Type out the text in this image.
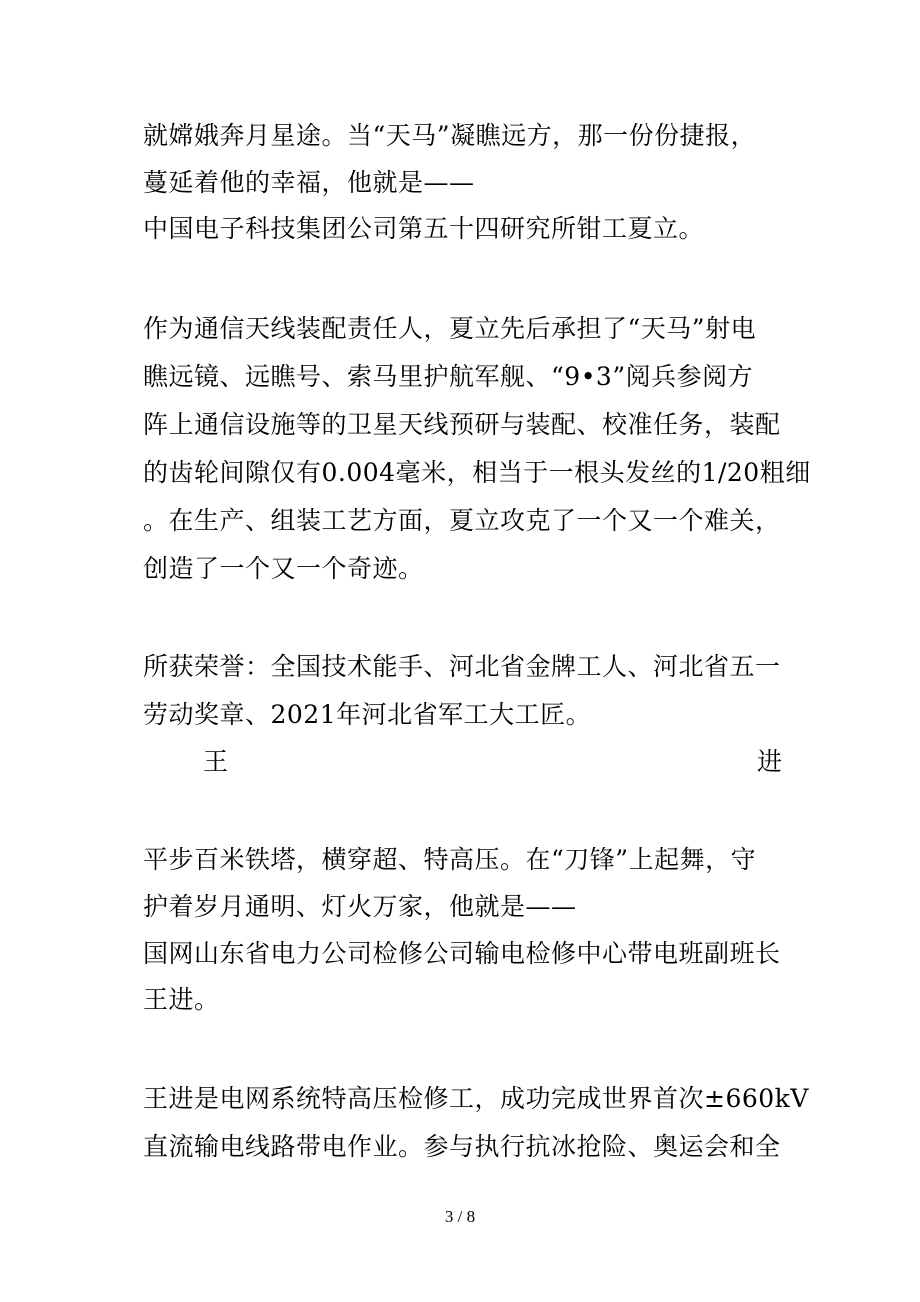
就嫦娥奔月星途。当“天马”凝瞧远方，那一份份捷报，
蔓延着他的幸福，他就是——
中国电子科技集团公司第五十四研究所钳工夏立。
作为通信天线装配责任人，夏立先后承担了“天马”射电
瞧远镜、远瞧号、索马里护航军舰、“9•3”阅兵参阅方
阵上通信设施等的卫星天线预研与装配、校准任务，装配
的齿轮间隙仅有0.004毫米，相当于一根头发丝的1/20粗细
。在生产、组装工艺方面，夏立攻克了一个又一个难关，
创造了一个又一个奇迹。
所获荣誉：全国技术能手、河北省金牌工人、河北省五一
劳动奖章、2021年河北省军工大工匠。
王	进
平步百米铁塔，横穿超、特高压。在“刀锋”上起舞，守
护着岁月通明、灯火万家，他就是——
国网山东省电力公司检修公司输电检修中心带电班副班长
王进。
王进是电网系统特高压检修工，成功完成世界首次±660kV
直流输电线路带电作业。参与执行抗冰抢险、奥运会和全
3 / 8
